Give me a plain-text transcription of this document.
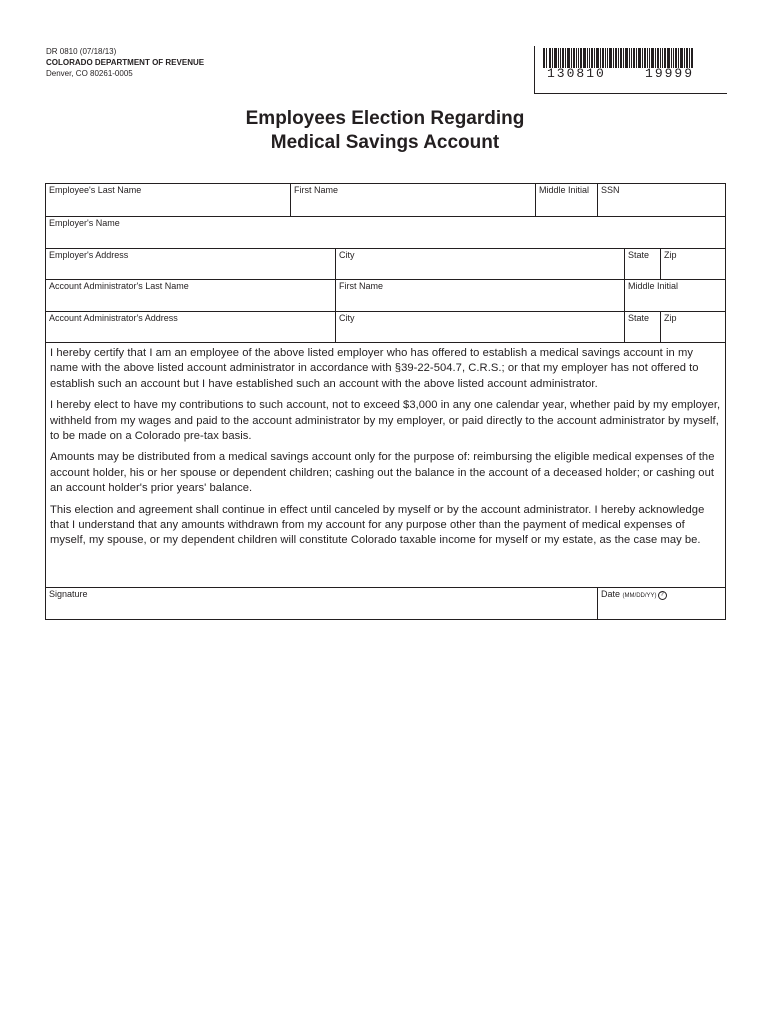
DR 0810 (07/18/13)
COLORADO DEPARTMENT OF REVENUE
Denver, CO 80261-0005	130810    19999
Employees Election Regarding
Medical Savings Account
Employee's Last Name	First Name	Middle Initial SSN
Employer's Name
Employer's Address	City	State Zip
Account Administrator's Last Name	First Name	Middle Initial
Account Administrator's Address	City	State Zip

I hereby certify that I am an employee of the above listed employer who has offered to establish a medical savings account in my name with the above listed account administrator in accordance with §39-22-504.7, C.R.S.; or that my employer has not offered to establish such an account but I have established such an account with the above listed account administrator.

I hereby elect to have my contributions to such account, not to exceed $3,000 in any one calendar year, whether paid by my employer, withheld from my wages and paid to the account administrator by my employer, or paid directly to the account administrator by myself, to be made on a Colorado pre-tax basis.

Amounts may be distributed from a medical savings account only for the purpose of: reimbursing the eligible medical expenses of the account holder, his or her spouse or dependent children; cashing out the balance in the account of a deceased holder; or cashing out an account holder's prior years' balance.

This election and agreement shall continue in effect until canceled by myself or by the account administrator. I hereby acknowledge that I understand that any amounts withdrawn from my account for any purpose other than the payment of medical expenses of myself, my spouse, or my dependent children will constitute Colorado taxable income for myself or my estate, as the case may be.

Signature	Date (MM/DD/YY) ?
